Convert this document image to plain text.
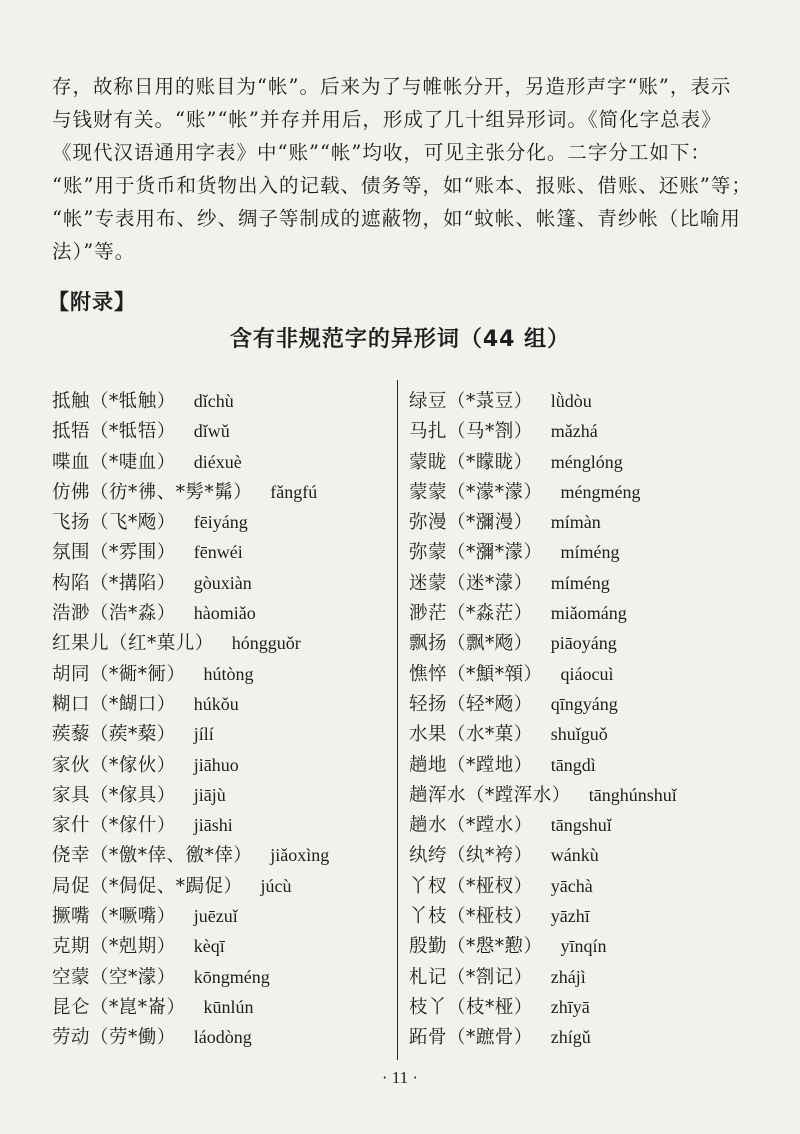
存，故称日用的账目为“帐”。后来为了与帷帐分开，另造形声字“账”，表示
与钱财有关。“账”“帐”并存并用后，形成了几十组异形词。《简化字总表》
《现代汉语通用字表》中“账”“帐”均收，可见主张分化。二字分工如下：
“账”用于货币和货物出入的记载、债务等，如“账本、报账、借账、还账”等；
“帐”专表用布、纱、绸子等制成的遮蔽物，如“蚊帐、帐篷、青纱帐（比喻用
法）”等。
【附录】
含有非规范字的异形词（44 组）
抵触（*牴触） dǐchù
抵牾（*牴牾） dǐwǔ
喋血（*啑血） diéxuè
仿佛（彷*彿、*髣*髴） fǎngfú
飞扬（飞*飏） fēiyáng
氛围（*雰围） fēnwéi
构陷（*搆陷） gòuxiàn
浩渺（浩*淼） hàomiǎo
红果儿（红*菓儿） hóngguǒr
胡同（*衚*衕） hútòng
糊口（*餬口） húkǒu
蒺藜（蒺*蔾） jílí
家伙（*傢伙） jiāhuo
家具（*傢具） jiājù
家什（*傢什） jiāshi
侥幸（*儌*倖、徼*倖） jiǎoxìng
局促（*侷促、*跼促） júcù
撅嘴（*噘嘴） juēzuǐ
克期（*剋期） kèqī
空蒙（空*濛） kōngméng
昆仑（*崑*崙） kūnlún
劳动（劳*働） láodòng
绿豆（*菉豆） lǜdòu
马扎（马*劄） mǎzhá
蒙眬（*矇眬） ménglóng
蒙蒙（*濛*濛） méngméng
弥漫（*瀰漫） mímàn
弥蒙（*瀰*濛） míméng
迷蒙（迷*濛） míméng
渺茫（*淼茫） miǎománg
飘扬（飘*飏） piāoyáng
憔悴（*顦*顇） qiáocuì
轻扬（轻*飏） qīngyáng
水果（水*菓） shuǐguǒ
趟地（*蹚地） tāngdì
趟浑水（*蹚浑水） tānghúnshuǐ
趟水（*蹚水） tāngshuǐ
纨绔（纨*袴） wánkù
丫杈（*桠杈） yāchà
丫枝（*桠枝） yāzhī
殷勤（*慇*懃） yīnqín
札记（*劄记） zhájì
枝丫（枝*桠） zhīyā
跖骨（*蹠骨） zhígǔ
· 11 ·
